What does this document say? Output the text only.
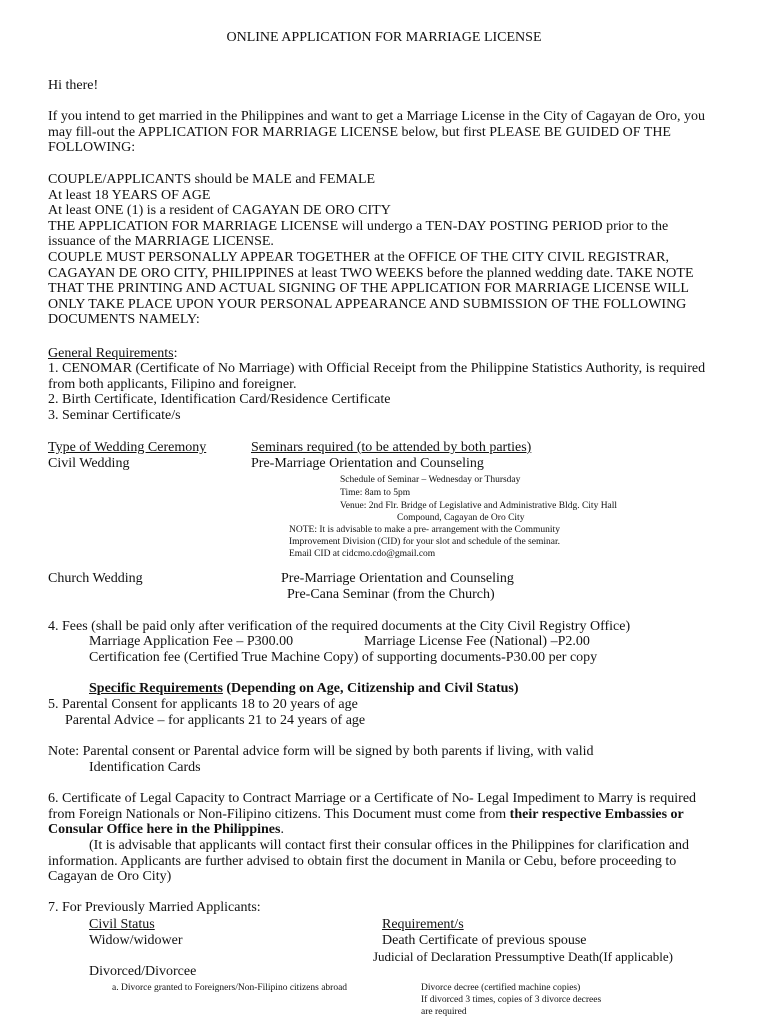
ONLINE APPLICATION FOR MARRIAGE LICENSE
Hi there!
If you intend to get married in the Philippines and want to get a Marriage License in the City of Cagayan de Oro, you may fill-out the APPLICATION FOR MARRIAGE LICENSE below, but first PLEASE BE GUIDED OF THE FOLLOWING:
COUPLE/APPLICANTS should be MALE and FEMALE
At least 18 YEARS OF AGE
At least ONE (1) is a resident of CAGAYAN DE ORO CITY
THE APPLICATION FOR MARRIAGE LICENSE will undergo a TEN-DAY POSTING PERIOD prior to the issuance of the MARRIAGE LICENSE.
COUPLE MUST PERSONALLY APPEAR TOGETHER at the OFFICE OF THE CITY CIVIL REGISTRAR, CAGAYAN DE ORO CITY, PHILIPPINES at least TWO WEEKS before the planned wedding date. TAKE NOTE THAT THE PRINTING AND ACTUAL SIGNING OF THE APPLICATION FOR MARRIAGE LICENSE WILL ONLY TAKE PLACE UPON YOUR PERSONAL APPEARANCE AND SUBMISSION OF THE FOLLOWING DOCUMENTS NAMELY:
General Requirements:
1. CENOMAR (Certificate of No Marriage) with Official Receipt from the Philippine Statistics Authority, is required from both applicants, Filipino and foreigner.
2. Birth Certificate, Identification Card/Residence Certificate
3. Seminar Certificate/s
Type of Wedding Ceremony	Seminars required (to be attended by both parties)
Civil Wedding	Pre-Marriage Orientation and Counseling
Schedule of Seminar – Wednesday or Thursday
Time: 8am to 5pm
Venue: 2nd Flr. Bridge of Legislative and Administrative Bldg. City Hall
Compound, Cagayan de Oro City
NOTE: It is advisable to make a pre- arrangement with the Community
Improvement Division (CID) for your slot and schedule of the seminar.
Email CID at cidcmo.cdo@gmail.com
Church Wedding	Pre-Marriage Orientation and Counseling
Pre-Cana Seminar (from the Church)
4. Fees (shall be paid only after verification of the required documents at the City Civil Registry Office)
Marriage Application Fee – P300.00	Marriage License Fee (National) –P2.00
Certification fee (Certified True Machine Copy) of supporting documents-P30.00 per copy
Specific Requirements (Depending on Age, Citizenship and Civil Status)
5. Parental Consent for applicants 18 to 20 years of age
Parental Advice – for applicants 21 to 24 years of age
Note: Parental consent or Parental advice form will be signed by both parents if living, with valid
Identification Cards
6. Certificate of Legal Capacity to Contract Marriage or a Certificate of No- Legal Impediment to Marry is required from Foreign Nationals or Non-Filipino citizens. This Document must come from their respective Embassies or Consular Office here in the Philippines.
(It is advisable that applicants will contact first their consular offices in the Philippines for clarification and information. Applicants are further advised to obtain first the document in Manila or Cebu, before proceeding to Cagayan de Oro City)
7. For Previously Married Applicants:
Civil Status	Requirement/s
Widow/widower	Death Certificate of previous spouse
Judicial of Declaration Pressumptive Death(If applicable)
Divorced/Divorcee
a. Divorce granted to Foreigners/Non-Filipino citizens abroad	Divorce decree (certified machine copies)
If divorced 3 times, copies of 3 divorce decrees
are required
